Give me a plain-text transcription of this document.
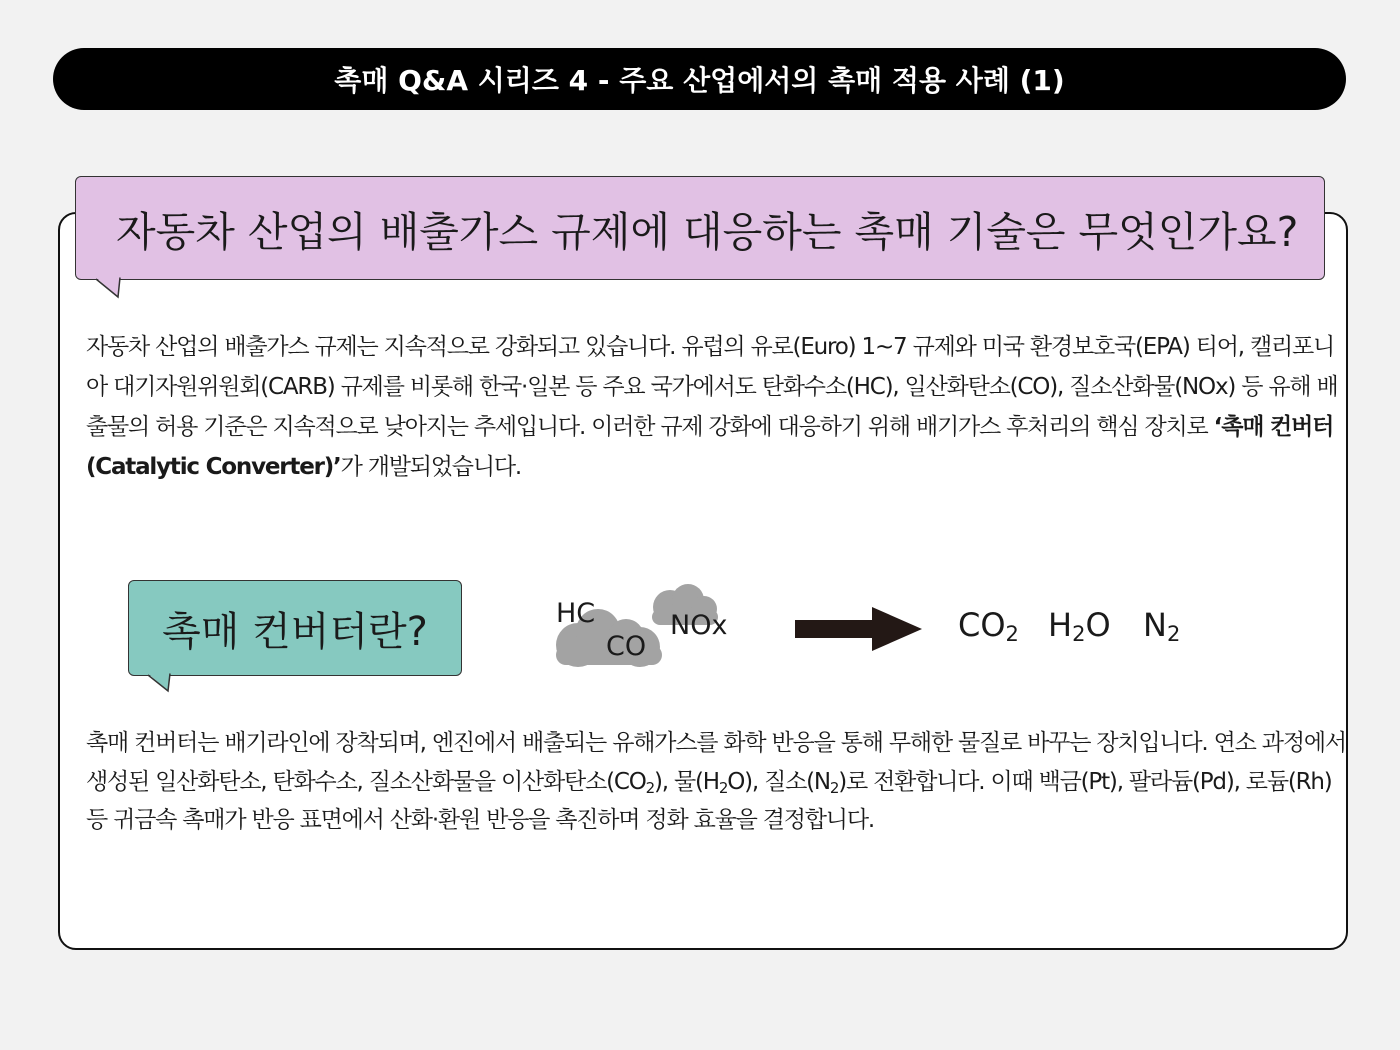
촉매 Q&A 시리즈 4 - 주요 산업에서의 촉매 적용 사례 (1)
자동차 산업의 배출가스 규제에 대응하는 촉매 기술은 무엇인가요?

자동차 산업의 배출가스 규제는 지속적으로 강화되고 있습니다. 유럽의 유로(Euro) 1~7 규제와 미국 환경보호국(EPA) 티어, 캘리포니아 대기자원위원회(CARB) 규제를 비롯해 한국·일본 등 주요 국가에서도 탄화수소(HC), 일산화탄소(CO), 질소산화물(NOx) 등 유해 배출물의 허용 기준은 지속적으로 낮아지는 추세입니다. 이러한 규제 강화에 대응하기 위해 배기가스 후처리의 핵심 장치로 ‘촉매 컨버터(Catalytic Converter)’가 개발되었습니다.

촉매 컨버터란?	HC
CO
NOx	$CO_2$ $H_2O$ $N_2$

촉매 컨버터는 배기라인에 장착되며, 엔진에서 배출되는 유해가스를 화학 반응을 통해 무해한 물질로 바꾸는 장치입니다. 연소 과정에서 생성된 일산화탄소, 탄화수소, 질소산화물을 이산화탄소$(CO_2)$, 물$(H_2O)$, 질소$(N_2)$로 전환합니다. 이때 백금(Pt), 팔라듐(Pd), 로듐(Rh) 등 귀금속 촉매가 반응 표면에서 산화·환원 반응을 촉진하며 정화 효율을 결정합니다.
